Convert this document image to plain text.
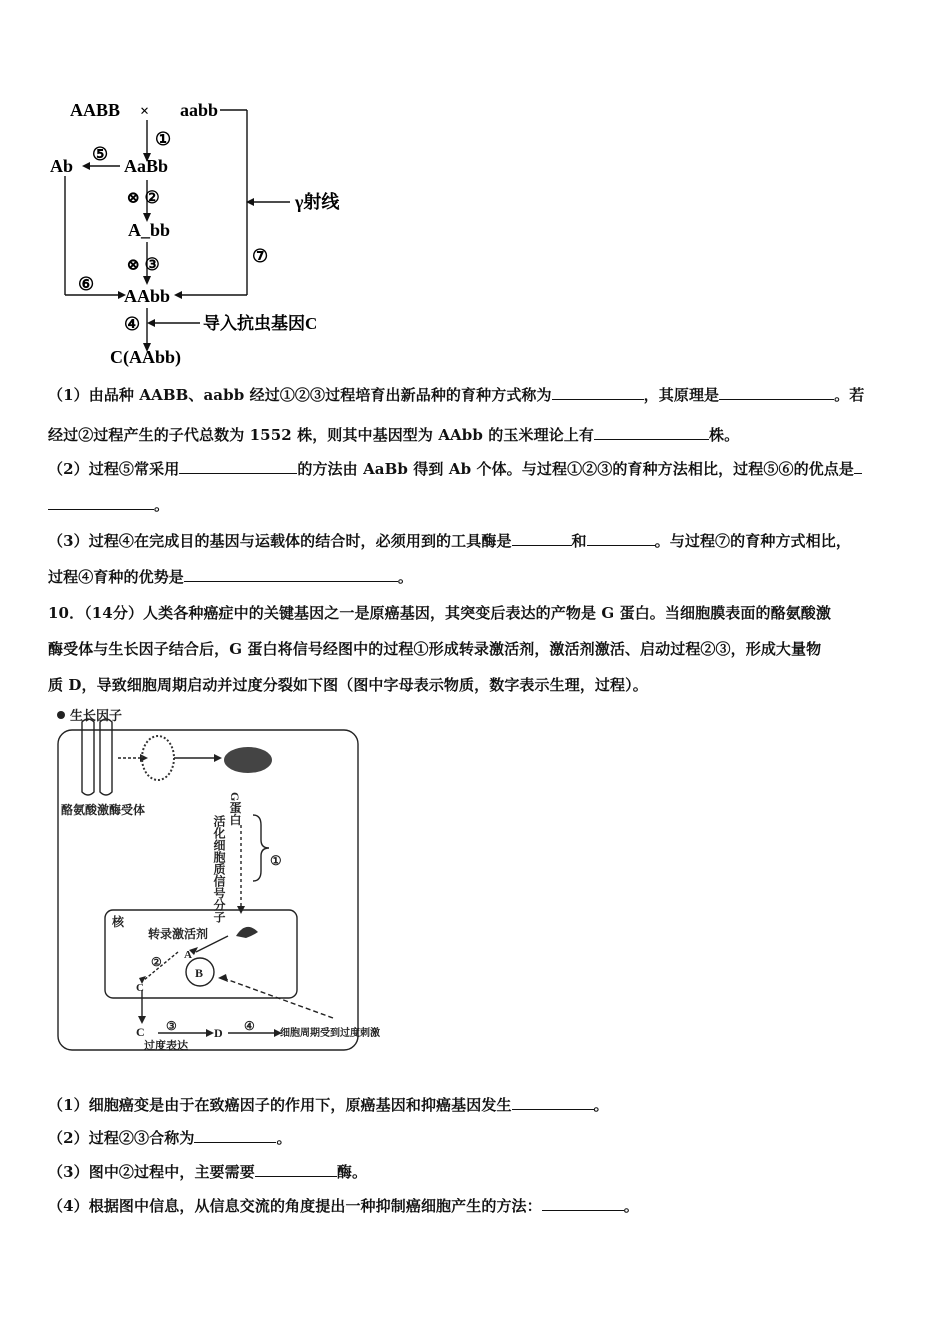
AABB × aabb
①
Ab
⑤
AaBb
⊗ ②
A_bb
⊗ ③
γ射线
⑦
⑥
AAbb
④	导入抗虫基因C
C(AAbb)
（1）由品种 AABB、aabb 经过①②③过程培育出新品种的育种方式称为	，其原理是	。若
经过②过程产生的子代总数为 1552 株，则其中基因型为 AAbb 的玉米理论上有	株。
（2）过程⑤常采用	的方法由 AaBb 得到 Ab 个体。与过程①②③的育种方法相比，过程⑤⑥的优点是
。
（3）过程④在完成目的基因与运载体的结合时，必须用到的工具酶是	和	。与过程⑦的育种方式相比，
过程④育种的优势是	。
10．（14分）人类各种癌症中的关键基因之一是原癌基因，其突变后表达的产物是 G 蛋白。当细胞膜表面的酪氨酸激
酶受体与生长因子结合后，G 蛋白将信号经图中的过程①形成转录激活剂，激活剂激活、启动过程②③，形成大量物
质 D，导致细胞周期启动并过度分裂如下图（图中字母表示物质，数字表示生理，过程）。
生长因子
酪氨酸激酶受体	G蛋白
活化细胞质信号分子	①
核
转录激活剂
A
B
②
C
C ③	D ④
过度表达
细胞周期受到过度刺激
（1）细胞癌变是由于在致癌因子的作用下，原癌基因和抑癌基因发生	。
（2）过程②③合称为	。
（3）图中②过程中，主要需要	酶。
（4）根据图中信息，从信息交流的角度提出一种抑制癌细胞产生的方法：	。
